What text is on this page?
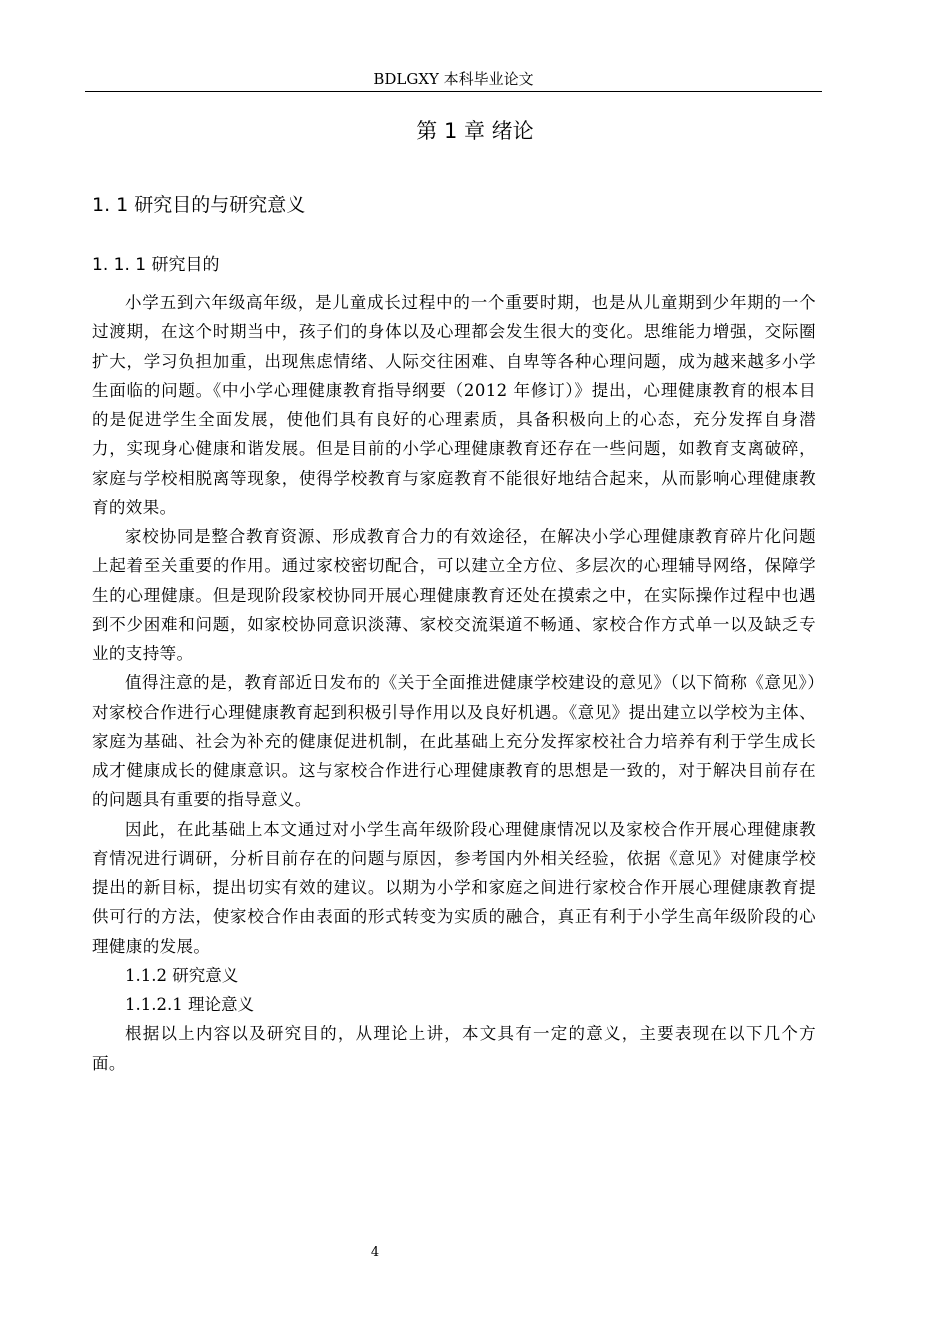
BDLGXY 本科毕业论文
第 1 章 绪论
1. 1 研究目的与研究意义
1. 1. 1 研究目的

小学五到六年级高年级，是儿童成长过程中的一个重要时期，也是从儿童期到少年期的一个过渡期，在这个时期当中，孩子们的身体以及心理都会发生很大的变化。思维能力增强，交际圈扩大，学习负担加重，出现焦虑情绪、人际交往困难、自卑等各种心理问题，成为越来越多小学生面临的问题。《中小学心理健康教育指导纲要（2012 年修订）》提出，心理健康教育的根本目的是促进学生全面发展，使他们具有良好的心理素质，具备积极向上的心态，充分发挥自身潜力，实现身心健康和谐发展。但是目前的小学心理健康教育还存在一些问题，如教育支离破碎，家庭与学校相脱离等现象，使得学校教育与家庭教育不能很好地结合起来，从而影响心理健康教育的效果。

家校协同是整合教育资源、形成教育合力的有效途径，在解决小学心理健康教育碎片化问题上起着至关重要的作用。通过家校密切配合，可以建立全方位、多层次的心理辅导网络，保障学生的心理健康。但是现阶段家校协同开展心理健康教育还处在摸索之中，在实际操作过程中也遇到不少困难和问题，如家校协同意识淡薄、家校交流渠道不畅通、家校合作方式单一以及缺乏专业的支持等。

值得注意的是，教育部近日发布的《关于全面推进健康学校建设的意见》（以下简称《意见》）对家校合作进行心理健康教育起到积极引导作用以及良好机遇。《意见》提出建立以学校为主体、家庭为基础、社会为补充的健康促进机制，在此基础上充分发挥家校社合力培养有利于学生成长成才健康成长的健康意识。这与家校合作进行心理健康教育的思想是一致的，对于解决目前存在的问题具有重要的指导意义。

因此，在此基础上本文通过对小学生高年级阶段心理健康情况以及家校合作开展心理健康教育情况进行调研，分析目前存在的问题与原因，参考国内外相关经验，依据《意见》对健康学校提出的新目标，提出切实有效的建议。以期为小学和家庭之间进行家校合作开展心理健康教育提供可行的方法，使家校合作由表面的形式转变为实质的融合，真正有利于小学生高年级阶段的心理健康的发展。

1.1.2 研究意义

1.1.2.1 理论意义

根据以上内容以及研究目的，从理论上讲，本文具有一定的意义，主要表现在以下几个方面。

4
